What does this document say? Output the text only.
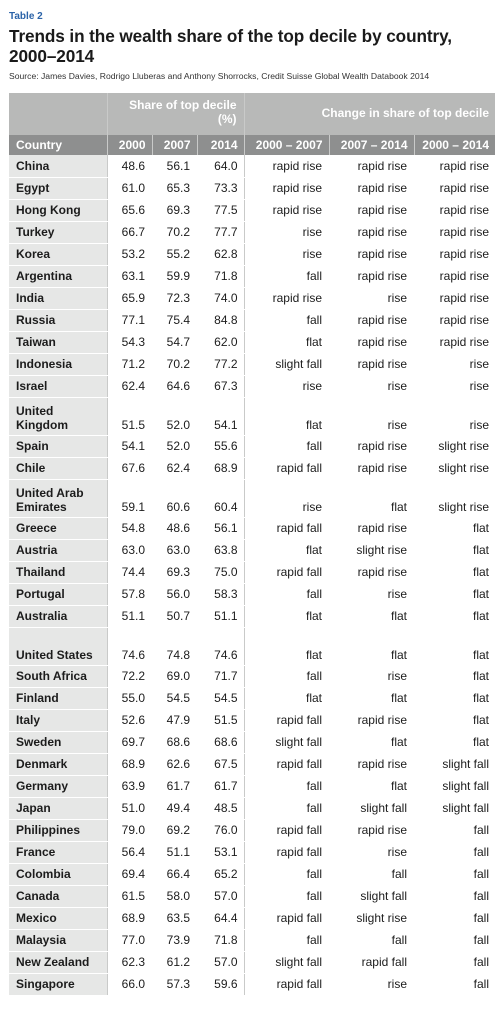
Table 2
Trends in the wealth share of the top decile by country,
2000–2014
Source: James Davies, Rodrigo Lluberas and Anthony Shorrocks, Credit Suisse Global Wealth Databook 2014

	Share of top decile
(%)			Change in share of top decile		
Country	2000	2007	2014	2000 – 2007	2007 – 2014	2000 – 2014
China	48.6	56.1	64.0	rapid rise	rapid rise	rapid rise
Egypt	61.0	65.3	73.3	rapid rise	rapid rise	rapid rise
Hong Kong	65.6	69.3	77.5	rapid rise	rapid rise	rapid rise
Turkey	66.7	70.2	77.7	rise	rapid rise	rapid rise
Korea	53.2	55.2	62.8	rise	rapid rise	rapid rise
Argentina	63.1	59.9	71.8	fall	rapid rise	rapid rise
India	65.9	72.3	74.0	rapid rise	rise	rapid rise
Russia	77.1	75.4	84.8	fall	rapid rise	rapid rise
Taiwan	54.3	54.7	62.0	flat	rapid rise	rapid rise
Indonesia	71.2	70.2	77.2	slight fall	rapid rise	rise
Israel	62.4	64.6	67.3	rise	rise	rise
United Kingdom	51.5	52.0	54.1	flat	rise	rise
Spain	54.1	52.0	55.6	fall	rapid rise	slight rise
Chile	67.6	62.4	68.9	rapid fall	rapid rise	slight rise
United Arab Emirates	59.1	60.6	60.4	rise	flat	slight rise
Greece	54.8	48.6	56.1	rapid fall	rapid rise	flat
Austria	63.0	63.0	63.8	flat	slight rise	flat
Thailand	74.4	69.3	75.0	rapid fall	rapid rise	flat
Portugal	57.8	56.0	58.3	fall	rise	flat
Australia	51.1	50.7	51.1	flat	flat	flat
United States	74.6	74.8	74.6	flat	flat	flat
South Africa	72.2	69.0	71.7	fall	rise	flat
Finland	55.0	54.5	54.5	flat	flat	flat
Italy	52.6	47.9	51.5	rapid fall	rapid rise	flat
Sweden	69.7	68.6	68.6	slight fall	flat	flat
Denmark	68.9	62.6	67.5	rapid fall	rapid rise	slight fall
Germany	63.9	61.7	61.7	fall	flat	slight fall
Japan	51.0	49.4	48.5	fall	slight fall	slight fall
Philippines	79.0	69.2	76.0	rapid fall	rapid rise	fall
France	56.4	51.1	53.1	rapid fall	rise	fall
Colombia	69.4	66.4	65.2	fall	fall	fall
Canada	61.5	58.0	57.0	fall	slight fall	fall
Mexico	68.9	63.5	64.4	rapid fall	slight rise	fall
Malaysia	77.0	73.9	71.8	fall	fall	fall
New Zealand	62.3	61.2	57.0	slight fall	rapid fall	fall
Singapore	66.0	57.3	59.6	rapid fall	rise	fall
